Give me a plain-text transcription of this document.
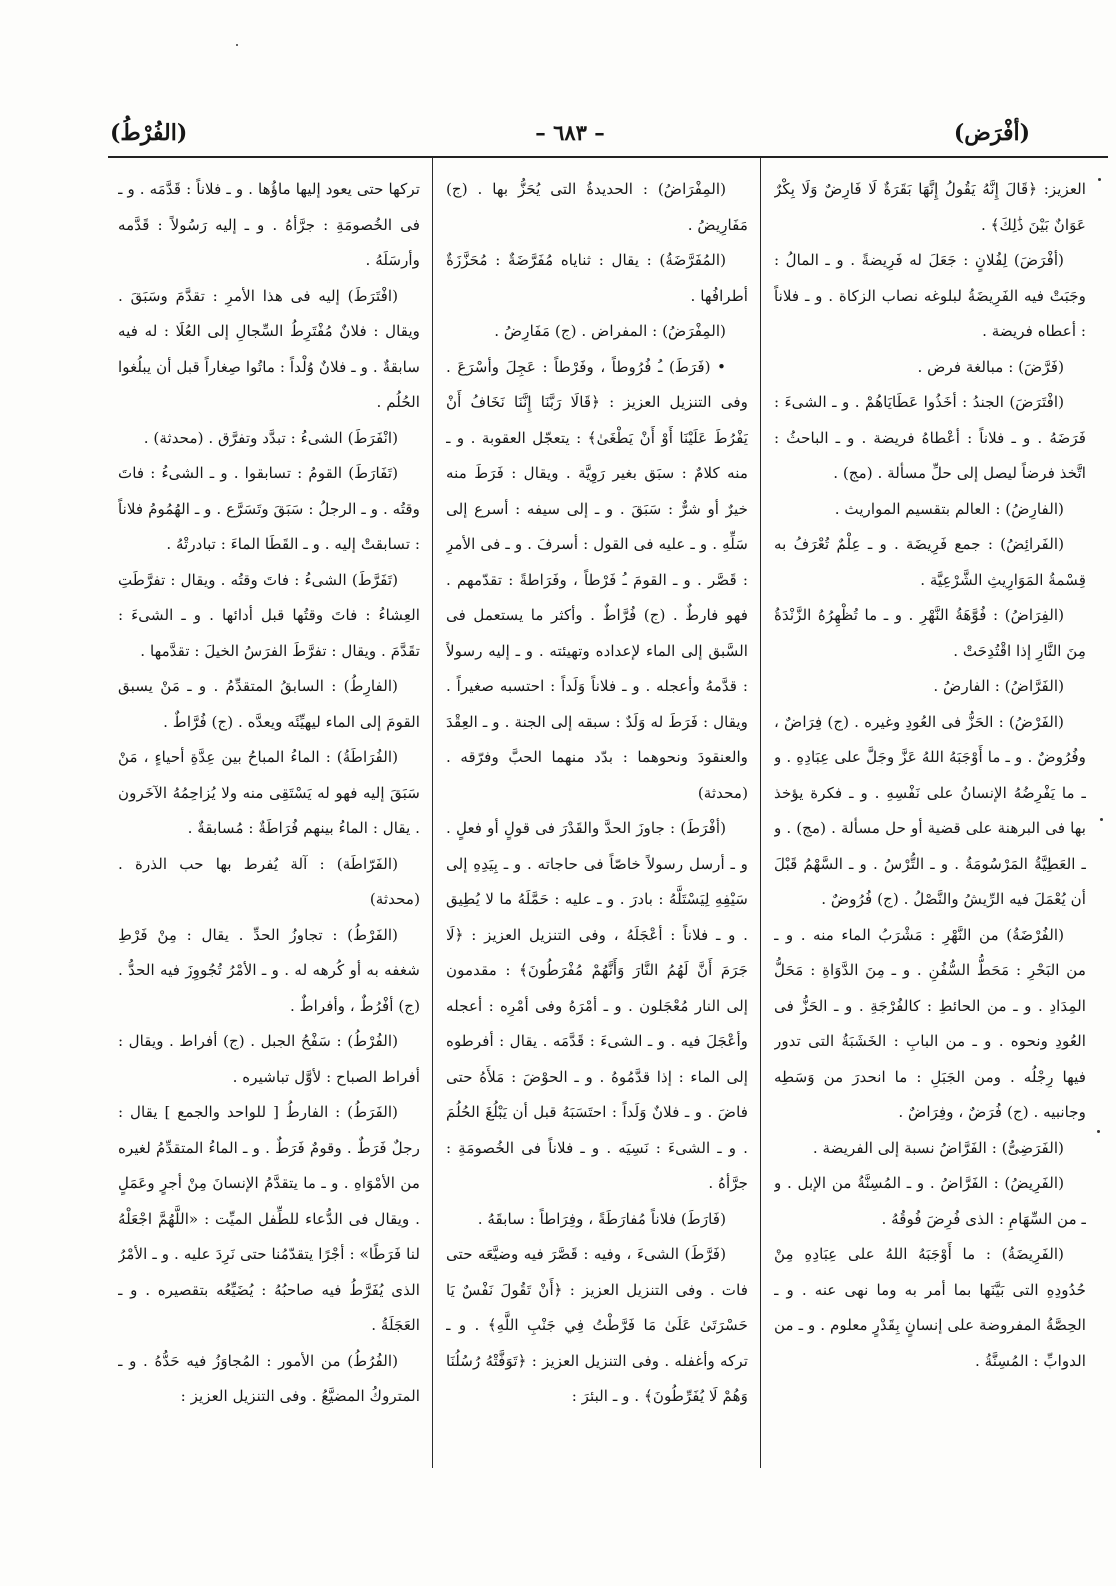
(أفْرَض)
– ٦٨٣ –
(الفُرْطُ)

العزيز: ﴿قَالَ إِنَّهُ يَقُولُ إِنَّهَا بَقَرَةٌ لَا فَارِضٌ وَلَا بِكْرٌ عَوَانٌ بَيْنَ ذَٰلِكَ﴾ .

(أفْرَضَ) لِفُلانٍ : جَعَلَ له فَرِيضةً . و ـ المالُ : وجَبَتْ فيه الفَرِيضَةُ لبلوغه نصاب الزكاة . و ـ فلاناً : أعطاه فريضة .

(فَرَّضَ) : مبالغة فرض .

(افْتَرَضَ) الجندُ : أخَذُوا عَطَايَاهُمْ . و ـ الشىءَ : فَرَضَهُ . و ـ فلاناً : أعْطاهُ فريضة . و ـ الباحثُ : اتَّخذ فرضاً ليصل إلى حلِّ مسألة . (مج) .

(الفارِضُ) : العالم بتقسيم المواريث .

(الفَرائِضُ) : جمع فَرِيضَة . و ـ عِلْمٌ تُعْرَفُ به قِسْمةُ المَوَارِيثِ الشَّرْعِيَّة .

(الفِرَاضُ) : فُوَّهَةُ النَّهْرِ . و ـ ما تُظْهِرُهُ الزَّنْدَةُ مِنَ النَّارِ إذا اقْتُدِحَتْ .

(الفَرَّاضُ) : الفارضُ .

(الفَرْضُ) : الحَزُّ فى العُودِ وغيره . (ج) فِرَاضٌ ، وفُرُوضٌ . و ـ ما أَوْجَبَهُ اللهُ عَزَّ وجَلَّ على عِبَادِهِ . و ـ ما يَفْرِضُهُ الإنسانُ على نَفْسِهِ . و ـ فكرة يؤخذ بها فى البرهنة على قضية أو حل مسألة . (مج) . و ـ العَطِيَّةُ المَرْسُومَةُ . و ـ التُّرْسُ . و ـ السَّهْمُ قَبْلَ أن يُعْمَلَ فيه الرِّيشُ والنَّصْلُ . (ج) فُرُوضٌ .

(الفُرْضَةُ) من النَّهْرِ : مَشْرَبُ الماء منه . و ـ من البَحْرِ : مَحَطُّ السُّفُنِ . و ـ مِنَ الدَّوَاةِ : مَحَلُّ المِدَادِ . و ـ من الحائطِ : كالفُرْجَةِ . و ـ الحَزُّ فى العُودِ ونحوه . و ـ من البابِ : الخَشَبَةُ التى تدور فيها رِجْلُه . ومن الجَبَلِ : ما انحدرَ من وَسَطِه وجانبيه . (ج) فُرَضٌ ، وفِرَاضٌ .

(الفَرَضِىُّ) : الفَرَّاضُ نسبة إلى الفريضة .

(الفَرِيضُ) : الفَرَّاضُ . و ـ المُسِنَّةُ من الإبل . و ـ من السِّهَامِ : الذى فُرِضَ فُوقُهُ .

(الفَرِيضَةُ) : ما أَوْجَبَهُ اللهُ على عِبَادِهِ مِنْ حُدُودِهِ التى بَيَّنَها بما أمر به وما نهى عنه . و ـ الحِصَّةُ المفروضة على إنسانٍ بِقَدْرٍ معلوم . و ـ من الدوابِّ : المُسِنَّةُ .

(المِفْرَاضُ) : الحديدةُ التى يُحَزُّ بها . (ج) مَفَارِيضُ .

(المُفَرَّضَةُ) : يقال : ثناياه مُفَرَّضَةٌ : مُحَزَّزَةٌ أطرافُها .

(المِفْرَضُ) : المفراض . (ج) مَفَارِضُ .

• (فَرَطَ) ـُ فُرُوطاً ، وفَرْطاً : عَجِلَ وأسْرَعَ . وفى التنزيل العزيز : ﴿قَالَا رَبَّنَا إِنَّنَا نَخَافُ أَنْ يَفْرُطَ عَلَيْنَا أَوْ أَنْ يَطْغَىٰ﴾ : يتعجّل العقوبة . و ـ منه كلامٌ : سبَق بغير رَوِيَّة . ويقال : فَرَطَ منه خيرٌ أو شرٌّ : سَبَقَ . و ـ إلى سيفه : أسرع إلى سَلِّهِ . و ـ عليه فى القول : أسرفَ . و ـ فى الأمرِ : قَصَّر . و ـ القومَ ـُ فَرْطاً ، وفَرَاطةً : تقدّمهم . فهو فارطٌ . (ج) فُرَّاطٌ . وأكثر ما يستعمل فى السَّبق إلى الماء لإعداده وتهيئته . و ـ إليه رسولاً : قدَّمهُ وأعجله . و ـ فلاناً وَلَداً : احتسبه صغيراً . ويقال : فَرَطَ له وَلَدٌ : سبقه إلى الجنة . و ـ العِقْدَ والعنقودَ ونحوهما : بدّد منهما الحبَّ وفرّقه . (محدثة)

(أفْرَطَ) : جاوزَ الحدَّ والقَدْرَ فى قولٍ أو فعلٍ . و ـ أرسل رسولاً خاصّاً فى حاجاته . و ـ بِيَدِهِ إلى سَيْفِهِ لِيَسْتَلَّهُ : بادرَ . و ـ عليه : حَمَّلَهُ ما لا يُطِيق . و ـ فلاناً : أعْجَلَهُ ، وفى التنزيل العزيز : ﴿لَا جَرَمَ أَنَّ لَهُمُ النَّارَ وَأَنَّهُمْ مُفْرَطُونَ﴾ : مقدمون إلى النار مُعْجَلون . و ـ أمْرَهُ وفى أمْرِه : أعجله وأعْجَلَ فيه . و ـ الشىءَ : قَدَّمَه . يقال : أفرطوه إلى الماء : إذا قدَّمُوهُ . و ـ الحوْضَ : مَلأَهُ حتى فاضَ . و ـ فلانٌ وَلَداً : احتَسَبَهُ قبل أن يَبْلُغَ الحُلُمَ . و ـ الشىءَ : نَسِيَه . و ـ فلاناً فى الخُصومَةِ : جرَّأهُ .

(فَارَطَ) فلاناً مُفارَطَةً ، وفِرَاطاً : سابقَهُ .

(فَرَّطَ) الشىءَ ، وفيه : قَصَّرَ فيه وضيَّعَه حتى فات . وفى التنزيل العزيز : ﴿أَنْ تَقُولَ نَفْسٌ يَا حَسْرَتَىٰ عَلَىٰ مَا فَرَّطْتُ فِي جَنْبِ اللَّهِ﴾ . و ـ تركه وأغفله . وفى التنزيل العزيز : ﴿تَوَفَّتْهُ رُسُلُنَا وَهُمْ لَا يُفَرِّطُونَ﴾ . و ـ البئرَ :

تركها حتى يعود إليها ماؤُها . و ـ فلاناً : قَدَّمَه . و ـ فى الخُصومَةِ : جرَّأهُ . و ـ إليه رَسُولاً : قَدَّمه وأرسَلَهُ .

(افْتَرَطَ) إليه فى هذا الأمرِ : تقدَّمَ وسَبَقَ . ويقال : فلانٌ مُفْتَرِطُ السِّجالِ إلى العُلَا : له فيه سابقةٌ . و ـ فلانٌ وُلْداً : ماتُوا صِغاراً قبل أن يبلُغوا الحُلُم .

(انْفَرَطَ) الشىءُ : تبدَّد وتفرَّق . (محدثة) .

(تَفَارَطَ) القومُ : تسابقوا . و ـ الشىءُ : فاتَ وقتُه . و ـ الرجلُ : سَبَقَ وتَسَرَّع . و ـ الهُمُومُ فلاناً : تسابقتْ إليه . و ـ القَطَا الماءَ : تبادرتْهُ .

(تَفَرَّطَ) الشىءُ : فاتَ وقتُه . ويقال : تفرَّطَتِ العِشاءُ : فاتَ وقتُها قبل أدائها . و ـ الشىءَ : تقَدَّمَ . ويقال : تفرَّطَ الفرَسُ الخيلَ : تقدَّمها .

(الفارِطُ) : السابقُ المتقدِّمُ . و ـ مَنْ يسبق القومَ إلى الماء ليهيِّئَه ويعدَّه . (ج) فُرَّاطٌ .

(الفُرَاطَةُ) : الماءُ المباحُ بين عِدَّةِ أحياءٍ ، مَنْ سَبَقَ إليه فهو له يَسْتَقِى منه ولا يُزاحِمُهُ الآخَرون . يقال : الماءُ بينهم فُرَاطَةٌ : مُسابقةٌ .

(الفَرّاطَة) : آلة يُفرط بها حب الذرة . (محدثة)

(الفَرْطُ) : تجاوزُ الحدِّ . يقال : مِنْ فَرْطِ شغفه به أو كُرهه له . و ـ الأمْرُ تُجُووِزَ فيه الحدُّ . (ج) أفْرُطٌ ، وأفراطٌ .

(الفُرْطُ) : سَفْحُ الجبل . (ج) أفراط . ويقال : أفراط الصباح : لأوَّل تباشيره .

(الفَرَطُ) : الفارطُ [ للواحد والجمع ] يقال : رجلٌ فَرَطٌ . وقومٌ فَرَطٌ . و ـ الماءُ المتقدِّمُ لغيره من الأمْوَاهِ . و ـ ما يتقدَّمُ الإنسانَ مِنْ أجرٍ وعَمَلٍ . ويقال فى الدُّعاء للطِّفل الميِّت : «اللَّهُمَّ اجْعَلْهُ لنا فَرَطًا» : أجْرًا يتقدّمُنا حتى نَرِدَ عليه . و ـ الأمْرُ الذى يُفَرَّطُ فيه صاحبُهُ : يُضَيِّعُه بتقصيره . و ـ العَجَلَةُ .

(الفُرُطُ) من الأمور : المُجاوَزُ فيه حَدُّهُ . و ـ المتروكُ المضيَّعُ . وفى التنزيل العزيز :
